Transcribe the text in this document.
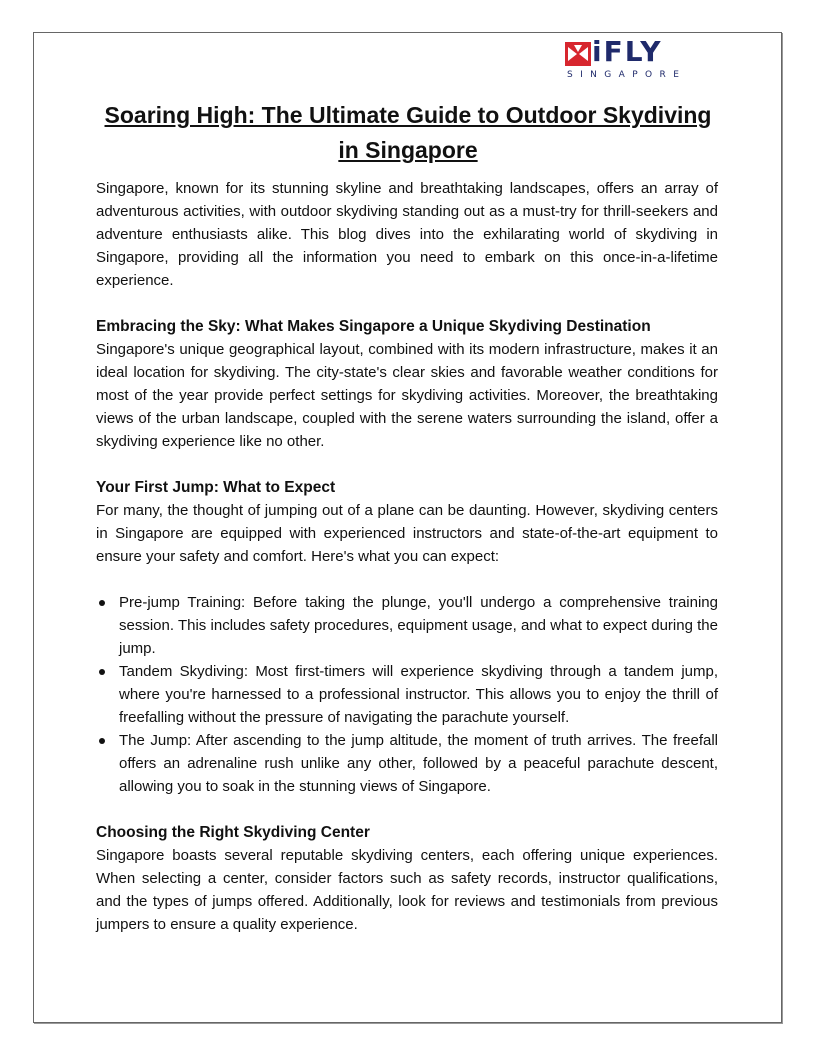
iFLY
SINGAPORE
Soaring High: The Ultimate Guide to Outdoor Skydiving in Singapore

Singapore, known for its stunning skyline and breathtaking landscapes, offers an array of adventurous activities, with outdoor skydiving standing out as a must-try for thrill-seekers and adventure enthusiasts alike. This blog dives into the exhilarating world of skydiving in Singapore, providing all the information you need to embark on this once-in-a-lifetime experience.

Embracing the Sky: What Makes Singapore a Unique Skydiving Destination

Singapore's unique geographical layout, combined with its modern infrastructure, makes it an ideal location for skydiving. The city-state's clear skies and favorable weather conditions for most of the year provide perfect settings for skydiving activities. Moreover, the breathtaking views of the urban landscape, coupled with the serene waters surrounding the island, offer a skydiving experience like no other.

Your First Jump: What to Expect

For many, the thought of jumping out of a plane can be daunting. However, skydiving centers in Singapore are equipped with experienced instructors and state-of-the-art equipment to ensure your safety and comfort. Here's what you can expect:

Pre-jump Training: Before taking the plunge, you'll undergo a comprehensive training session. This includes safety procedures, equipment usage, and what to expect during the jump.
Tandem Skydiving: Most first-timers will experience skydiving through a tandem jump, where you're harnessed to a professional instructor. This allows you to enjoy the thrill of freefalling without the pressure of navigating the parachute yourself.
The Jump: After ascending to the jump altitude, the moment of truth arrives. The freefall offers an adrenaline rush unlike any other, followed by a peaceful parachute descent, allowing you to soak in the stunning views of Singapore.
Choosing the Right Skydiving Center

Singapore boasts several reputable skydiving centers, each offering unique experiences. When selecting a center, consider factors such as safety records, instructor qualifications, and the types of jumps offered. Additionally, look for reviews and testimonials from previous jumpers to ensure a quality experience.
